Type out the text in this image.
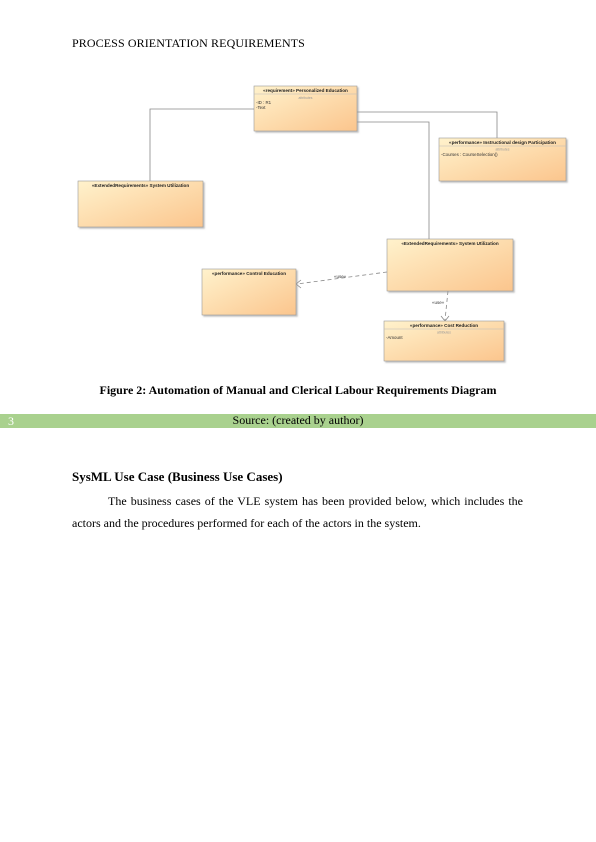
PROCESS ORIENTATION REQUIREMENTS
«use»
«use»
«requirement» Personalized Education
attributes
-ID : R1
-Text
«performance» Instructional design Participation
attributes
-Courses : CourseSelection()
«ExtendedRequirements» System Utilization
«ExtendedRequirements» System Utilization
«performance» Control Education
«performance» Cost Reduction
attributes
-Amount
Figure 2: Automation of Manual and Clerical Labour Requirements Diagram
3	Source: (created by author)
SysML Use Case (Business Use Cases)
The business cases of the VLE system has been provided below, which includes the actors and the procedures performed for each of the actors in the system.
